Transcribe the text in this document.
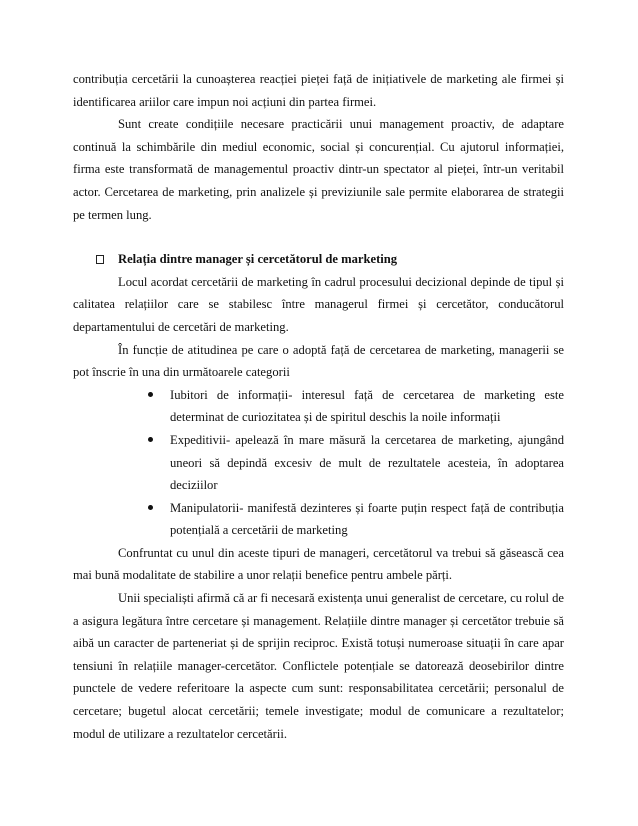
contribuția cercetării la cunoașterea reacției pieței față de inițiativele de marketing ale firmei și identificarea ariilor care impun noi acțiuni din partea firmei.

Sunt create condițiile necesare practicării unui management proactiv, de adaptare continuă la schimbările din mediul economic, social și concurențial. Cu ajutorul informației, firma este transformată de managementul proactiv dintr-un spectator al pieței, într-un veritabil actor. Cercetarea de marketing, prin analizele și previziunile sale permite elaborarea de strategii pe termen lung.

Relația dintre manager și cercetătorul de marketing

Locul acordat cercetării de marketing în cadrul procesului decizional depinde de tipul și calitatea relațiilor care se stabilesc între managerul firmei și cercetător, conducătorul departamentului de cercetări de marketing.

În funcție de atitudinea pe care o adoptă față de cercetarea de marketing, managerii se pot înscrie în una din următoarele categorii

Iubitori de informații- interesul față de cercetarea de marketing este determinat de curiozitatea și de spiritul deschis la noile informații
Expeditivii- apelează în mare măsură la cercetarea de marketing, ajungând uneori să depindă excesiv de mult de rezultatele acesteia, în adoptarea deciziilor
Manipulatorii- manifestă dezinteres și foarte puțin respect față de contribuția potențială a cercetării de marketing

Confruntat cu unul din aceste tipuri de manageri, cercetătorul va trebui să găsească cea mai bună modalitate de stabilire a unor relații benefice pentru ambele părți.

Unii specialiști afirmă că ar fi necesară existența unui generalist de cercetare, cu rolul de a asigura legătura între cercetare și management. Relațiile dintre manager și cercetător trebuie să aibă un caracter de parteneriat și de sprijin reciproc. Există totuși numeroase situații în care apar tensiuni în relațiile manager-cercetător. Conflictele potențiale se datorează deosebirilor dintre punctele de vedere referitoare la aspecte cum sunt: responsabilitatea cercetării; personalul de cercetare; bugetul alocat cercetării; temele investigate; modul de comunicare a rezultatelor; modul de utilizare a rezultatelor cercetării.
